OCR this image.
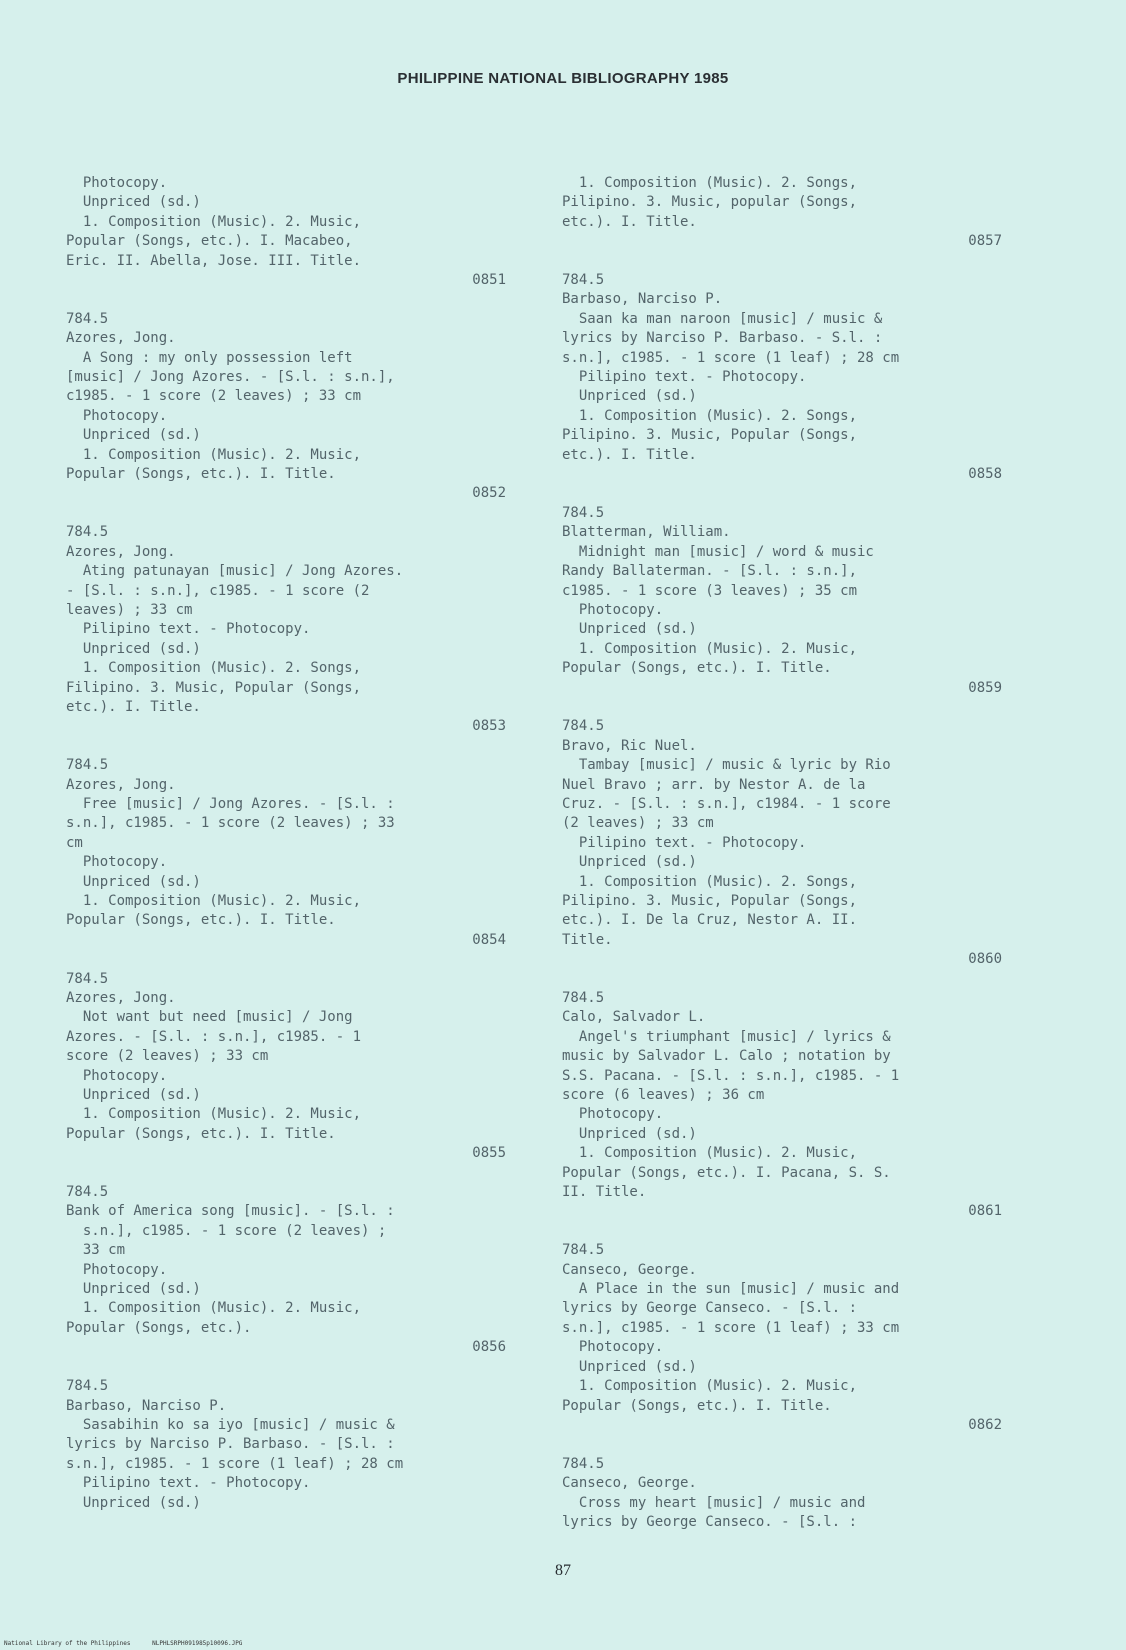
PHILIPPINE NATIONAL BIBLIOGRAPHY 1985
Photocopy.
Unpriced (sd.)
1. Composition (Music). 2. Music,
Popular (Songs, etc.). I. Macabeo,
Eric. II. Abella, Jose. III. Title.
0851
784.5
Azores, Jong.
A Song : my only possession left
[music] / Jong Azores. - [S.l. : s.n.],
c1985. - 1 score (2 leaves) ; 33 cm
Photocopy.
Unpriced (sd.)
1. Composition (Music). 2. Music,
Popular (Songs, etc.). I. Title.
0852
784.5
Azores, Jong.
Ating patunayan [music] / Jong Azores.
- [S.l. : s.n.], c1985. - 1 score (2
leaves) ; 33 cm
Pilipino text. - Photocopy.
Unpriced (sd.)
1. Composition (Music). 2. Songs,
Filipino. 3. Music, Popular (Songs,
etc.). I. Title.
0853
784.5
Azores, Jong.
Free [music] / Jong Azores. - [S.l. :
s.n.], c1985. - 1 score (2 leaves) ; 33
cm
Photocopy.
Unpriced (sd.)
1. Composition (Music). 2. Music,
Popular (Songs, etc.). I. Title.
0854
784.5
Azores, Jong.
Not want but need [music] / Jong
Azores. - [S.l. : s.n.], c1985. - 1
score (2 leaves) ; 33 cm
Photocopy.
Unpriced (sd.)
1. Composition (Music). 2. Music,
Popular (Songs, etc.). I. Title.
0855
784.5
Bank of America song [music]. - [S.l. :
s.n.], c1985. - 1 score (2 leaves) ;
33 cm
Photocopy.
Unpriced (sd.)
1. Composition (Music). 2. Music,
Popular (Songs, etc.).
0856
784.5
Barbaso, Narciso P.
Sasabihin ko sa iyo [music] / music &
lyrics by Narciso P. Barbaso. - [S.l. :
s.n.], c1985. - 1 score (1 leaf) ; 28 cm
Pilipino text. - Photocopy.
Unpriced (sd.)
1. Composition (Music). 2. Songs,
Pilipino. 3. Music, popular (Songs,
etc.). I. Title.
0857
784.5
Barbaso, Narciso P.
Saan ka man naroon [music] / music &
lyrics by Narciso P. Barbaso. - S.l. :
s.n.], c1985. - 1 score (1 leaf) ; 28 cm
Pilipino text. - Photocopy.
Unpriced (sd.)
1. Composition (Music). 2. Songs,
Pilipino. 3. Music, Popular (Songs,
etc.). I. Title.
0858
784.5
Blatterman, William.
Midnight man [music] / word & music
Randy Ballaterman. - [S.l. : s.n.],
c1985. - 1 score (3 leaves) ; 35 cm
Photocopy.
Unpriced (sd.)
1. Composition (Music). 2. Music,
Popular (Songs, etc.). I. Title.
0859
784.5
Bravo, Ric Nuel.
Tambay [music] / music & lyric by Rio
Nuel Bravo ; arr. by Nestor A. de la
Cruz. - [S.l. : s.n.], c1984. - 1 score
(2 leaves) ; 33 cm
Pilipino text. - Photocopy.
Unpriced (sd.)
1. Composition (Music). 2. Songs,
Pilipino. 3. Music, Popular (Songs,
etc.). I. De la Cruz, Nestor A. II.
Title.
0860
784.5
Calo, Salvador L.
Angel's triumphant [music] / lyrics &
music by Salvador L. Calo ; notation by
S.S. Pacana. - [S.l. : s.n.], c1985. - 1
score (6 leaves) ; 36 cm
Photocopy.
Unpriced (sd.)
1. Composition (Music). 2. Music,
Popular (Songs, etc.). I. Pacana, S. S.
II. Title.
0861
784.5
Canseco, George.
A Place in the sun [music] / music and
lyrics by George Canseco. - [S.l. :
s.n.], c1985. - 1 score (1 leaf) ; 33 cm
Photocopy.
Unpriced (sd.)
1. Composition (Music). 2. Music,
Popular (Songs, etc.). I. Title.
0862
784.5
Canseco, George.
Cross my heart [music] / music and
lyrics by George Canseco. - [S.l. :
87
National Library of the Philippines      NLPHLSRPH091985p10096.JPG
